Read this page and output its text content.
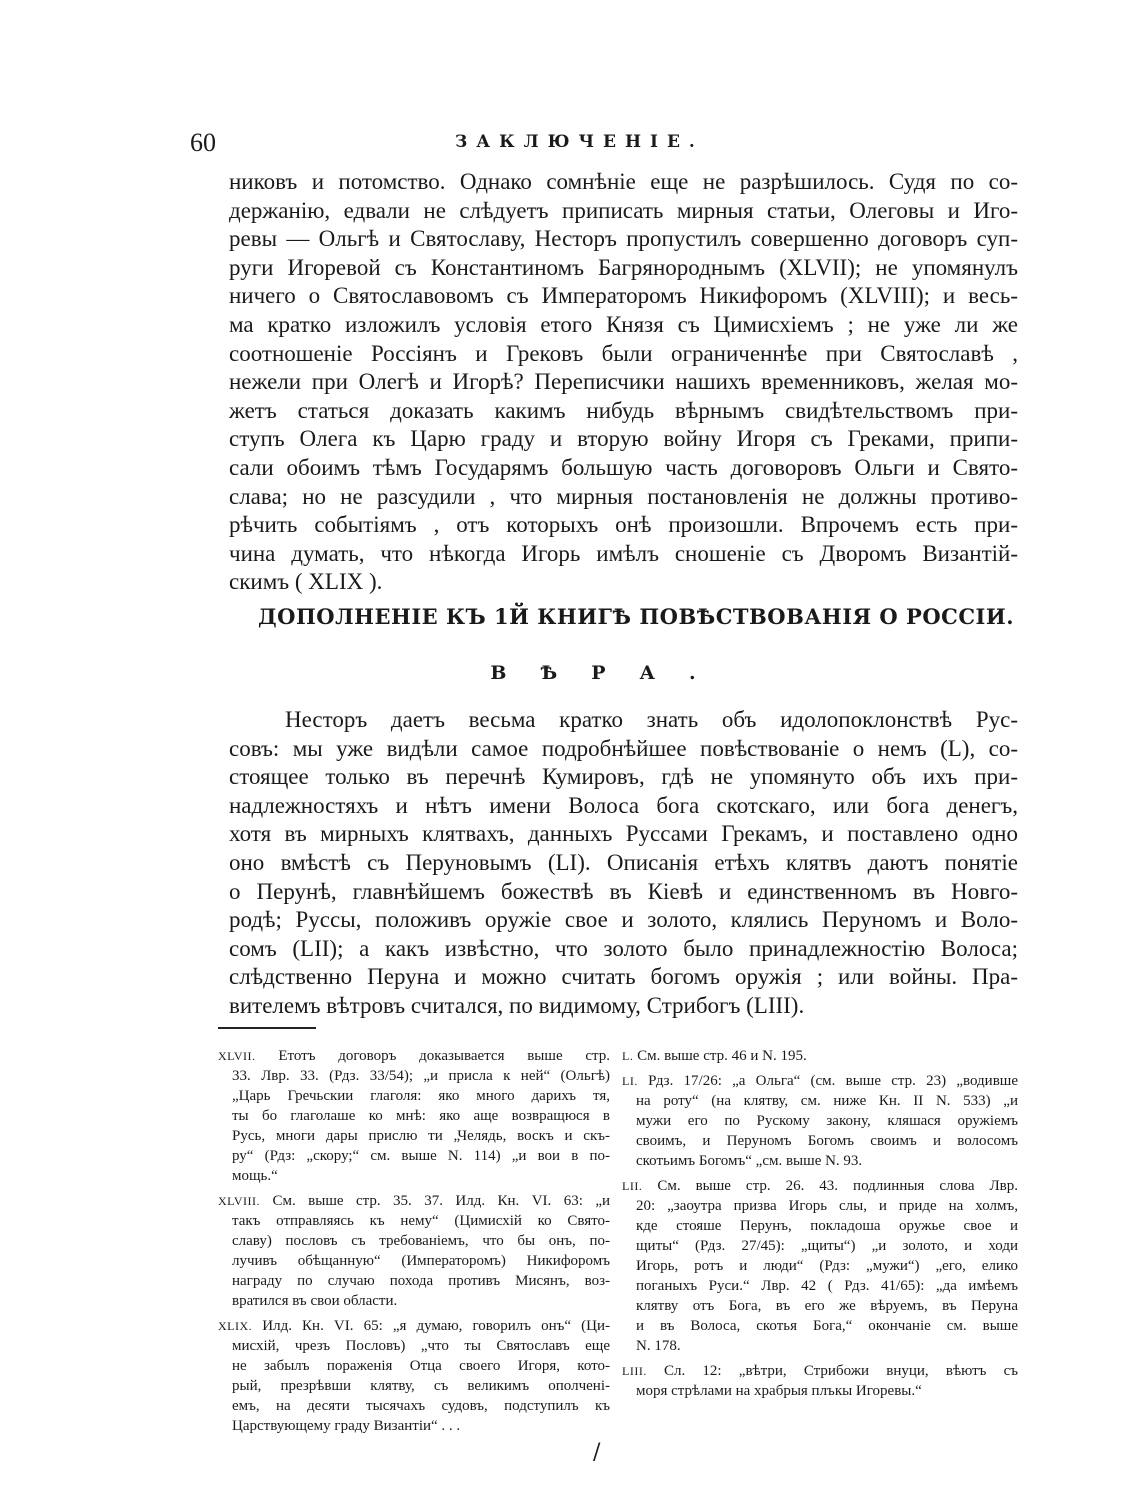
60	ЗАКЛЮЧЕНІЕ.
никовъ и потомство. Однако сомнѣніе еще не разрѣшилось. Судя по со-
держанію, едвали не слѣдуетъ приписать мирныя статьи, Олеговы и Иго-
ревы — Ольгѣ и Святославу, Несторъ пропустилъ совершенно договоръ суп-
руги Игоревой съ Константиномъ Багрянороднымъ (XLVII); не упомянулъ
ничего о Святославовомъ съ Императоромъ Никифоромъ (XLVIII); и весь-
ма кратко изложилъ условія етого Князя съ Цимисхіемъ ; не уже ли же
соотношеніе Россіянъ и Грековъ были ограниченнѣе при Святославѣ ,
нежели при Олегѣ и Игорѣ? Переписчики нашихъ временниковъ, желая мо-
жетъ статься доказать какимъ нибудь вѣрнымъ свидѣтельствомъ при-
ступъ Олега къ Царю граду и вторую войну Игоря съ Греками, припи-
сали обоимъ тѣмъ Государямъ большую часть договоровъ Ольги и Свято-
слава; но не разсудили , что мирныя постановленія не должны противо-
рѣчить событіямъ , отъ которыхъ онѣ произошли. Впрочемъ есть при-
чина думать, что нѣкогда Игорь имѣлъ сношеніе съ Дворомъ Византій-
скимъ ( XLIX ).
ДОПОЛНЕНІЕ КЪ 1Й КНИГѢ ПОВѢСТВОВАНІЯ О РОССІИ.
ВѢРА.
Несторъ даетъ весьма кратко знать объ идолопоклонствѣ Рус-
совъ: мы уже видѣли самое подробнѣйшее повѣствованіе о немъ (L), со-
стоящее только въ перечнѣ Кумировъ, гдѣ не упомянуто объ ихъ при-
надлежностяхъ и нѣтъ имени Волоса бога скотскаго, или бога денегъ,
хотя въ мирныхъ клятвахъ, данныхъ Руссами Грекамъ, и поставлено одно
оно вмѣстѣ съ Перуновымъ (LI). Описанія етѣхъ клятвъ даютъ понятіе
о Перунѣ, главнѣйшемъ божествѣ въ Кіевѣ и единственномъ въ Новго-
родѣ; Руссы, положивъ оружіе свое и золото, клялись Перуномъ и Воло-
сомъ (LII); а какъ извѣстно, что золото было принадлежностію Волоса;
слѣдственно Перуна и можно считать богомъ оружія ; или войны. Пра-
вителемъ вѣтровъ считался, по видимому, Стрибогъ (LIII).
XLVII. Етотъ договоръ доказывается выше стр.
33. Лвр. 33. (Рдз. 33/54); „и присла к ней“ (Ольгѣ)
„Царь Гречьскии глаголя: яко много дарихъ тя,
ты бо глаголаше ко мнѣ: яко аще возвращюся в
Русь, многи дары прислю ти „Челядь, воскъ и скъ-
ру“ (Рдз: „скору;“ см. выше N. 114) „и вои в по-
мощь.“
XLVIII. См. выше стр. 35. 37. Илд. Кн. VI. 63: „и
такъ отправляясь къ нему“ (Цимисхій ко Свято-
славу) пословъ съ требованіемъ, что бы онъ, по-
лучивъ обѣщанную“ (Императоромъ) Никифоромъ
награду по случаю похода противъ Мисянъ, воз-
вратился въ свои области.
XLIX. Илд. Кн. VI. 65: „я думаю, говорилъ онъ“ (Ци-
мисхій, чрезъ Пословъ) „что ты Святославъ еще
не забылъ пораженія Отца своего Игоря, кото-
рый, презрѣвши клятву, съ великимъ ополченi-
емъ, на десяти тысячахъ судовъ, подступилъ къ
Царствующему граду Византiи“ . . .
L. См. выше стр. 46 и N. 195.
LI. Рдз. 17/26: „а Ольга“ (см. выше стр. 23) „водивше
на роту“ (на клятву, см. ниже Кн. II N. 533) „и
мужи его по Рускому закону, кляшася оружіемъ
своимъ, и Перуномъ Богомъ своимъ и волосомъ
скотьимъ Богомъ“ „см. выше N. 93.
LII. См. выше стр. 26. 43. подлинныя слова Лвр.
20: „заоутра призва Игорь слы, и приде на холмъ,
кде стояше Перунъ, покладоша оружье свое и
щиты“ (Рдз. 27/45): „щиты“) „и золото, и ходи
Игорь, ротъ и люди“ (Рдз: „мужи“) „его, елико
поганыхъ Руси.“ Лвр. 42 ( Рдз. 41/65): „да имѣемъ
клятву отъ Бога, въ его же вѣруемъ, въ Перуна
и въ Волоса, скотья Бога,“ окончаніе см. выше
N. 178.
LIII. Сл. 12: „вѣтри, Стрибожи внуци, вѣютъ съ
моря стрѣлами на храбрыя плъкы Игоревы.“
/
